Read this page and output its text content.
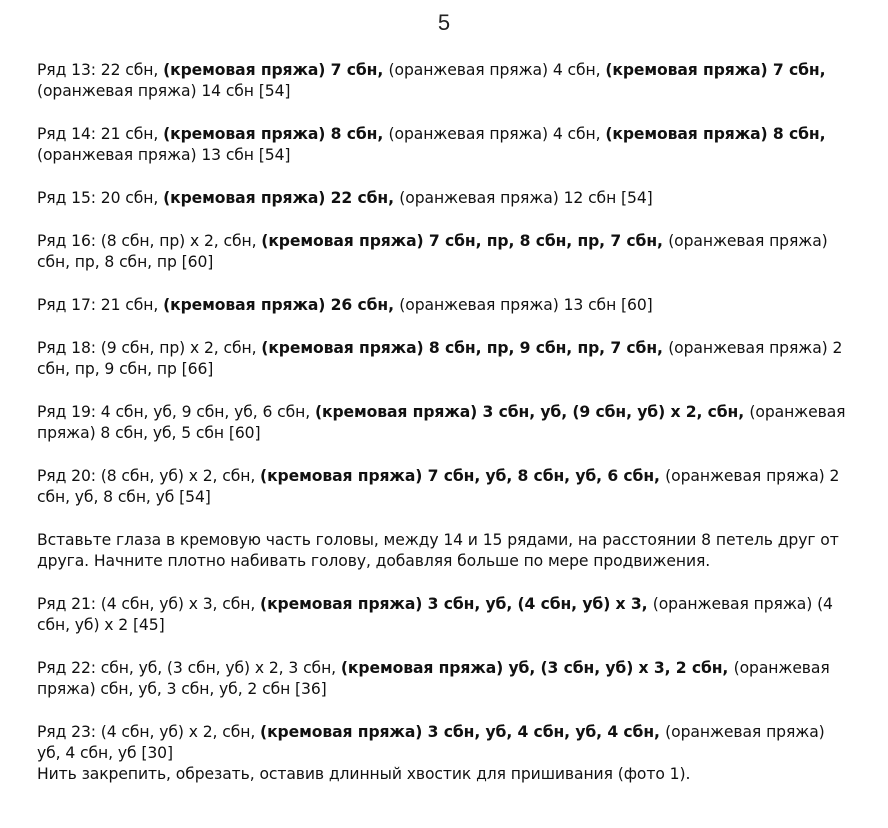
5

Ряд 13: 22 сбн, (кремовая пряжа) 7 сбн, (оранжевая пряжа) 4 сбн, (кремовая пряжа) 7 сбн, (оранжевая пряжа) 14 сбн [54]

Ряд 14: 21 сбн, (кремовая пряжа) 8 сбн, (оранжевая пряжа) 4 сбн, (кремовая пряжа) 8 сбн, (оранжевая пряжа) 13 сбн [54]

Ряд 15: 20 сбн, (кремовая пряжа) 22 сбн, (оранжевая пряжа) 12 сбн [54]

Ряд 16: (8 сбн, пр) х 2, сбн, (кремовая пряжа) 7 сбн, пр, 8 сбн, пр, 7 сбн, (оранжевая пряжа) сбн, пр, 8 сбн, пр [60]

Ряд 17: 21 сбн, (кремовая пряжа) 26 сбн, (оранжевая пряжа) 13 сбн [60]

Ряд 18: (9 сбн, пр) х 2, сбн, (кремовая пряжа) 8 сбн, пр, 9 сбн, пр, 7 сбн, (оранжевая пряжа) 2 сбн, пр, 9 сбн, пр [66]

Ряд 19: 4 сбн, уб, 9 сбн, уб, 6 сбн, (кремовая пряжа) 3 сбн, уб, (9 сбн, уб) х 2, сбн, (оранжевая пряжа) 8 сбн, уб, 5 сбн [60]

Ряд 20: (8 сбн, уб) х 2, сбн, (кремовая пряжа) 7 сбн, уб, 8 сбн, уб, 6 сбн, (оранжевая пряжа) 2 сбн, уб, 8 сбн, уб [54]

Вставьте глаза в кремовую часть головы, между 14 и 15 рядами, на расстоянии 8 петель друг от друга. Начните плотно набивать голову, добавляя больше по мере продвижения.

Ряд 21: (4 сбн, уб) х 3, сбн, (кремовая пряжа) 3 сбн, уб, (4 сбн, уб) х 3, (оранжевая пряжа) (4 сбн, уб) х 2 [45]

Ряд 22: сбн, уб, (3 сбн, уб) х 2, 3 сбн, (кремовая пряжа) уб, (3 сбн, уб) х 3, 2 сбн, (оранжевая пряжа) сбн, уб, 3 сбн, уб, 2 сбн [36]

Ряд 23: (4 сбн, уб) х 2, сбн, (кремовая пряжа) 3 сбн, уб, 4 сбн, уб, 4 сбн, (оранжевая пряжа) уб, 4 сбн, уб [30]

Нить закрепить, обрезать, оставив длинный хвостик для пришивания (фото 1).
